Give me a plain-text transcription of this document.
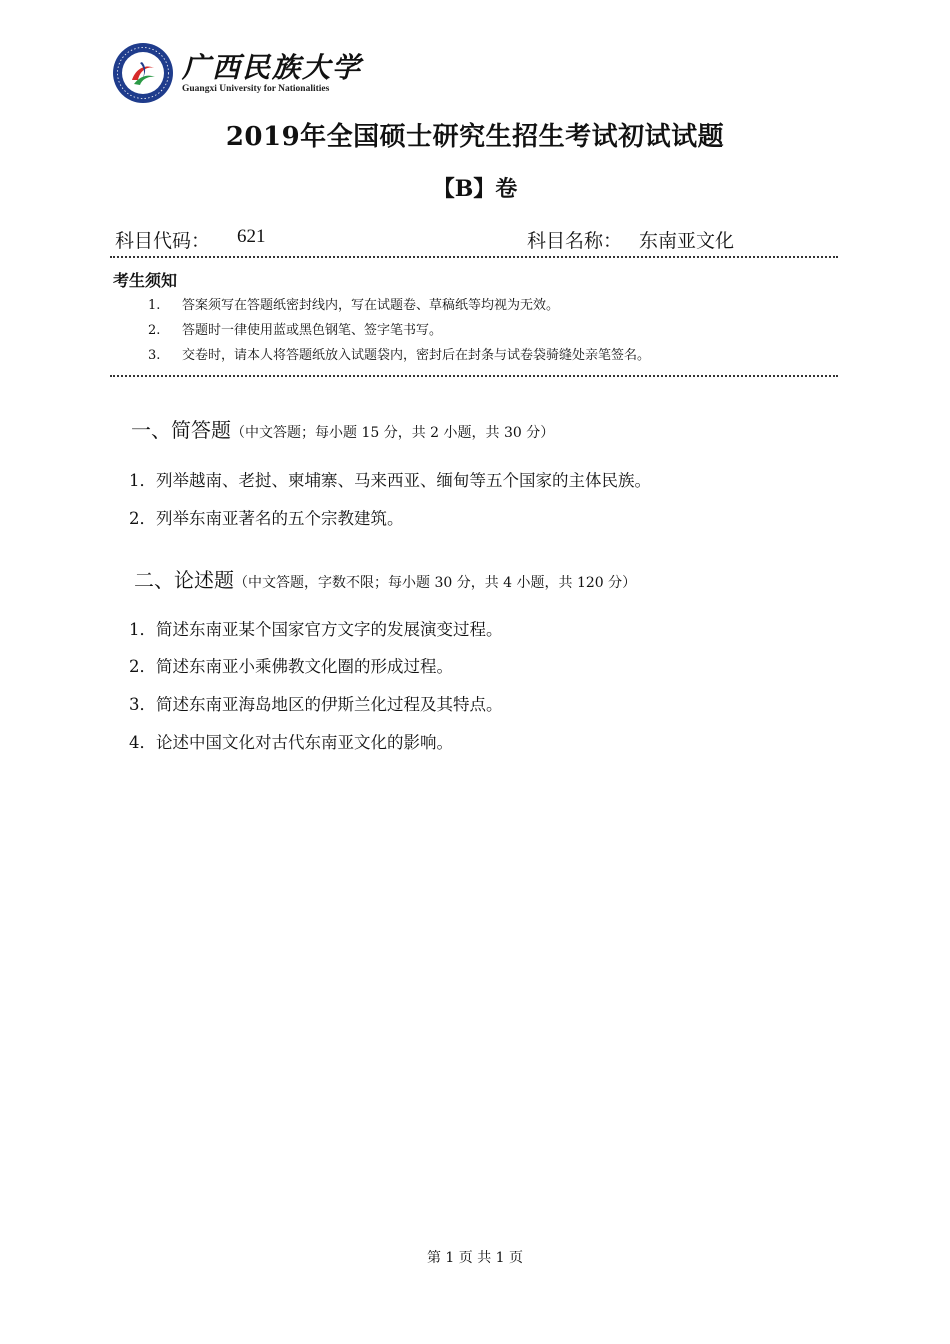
广西民族大学
Guangxi University for Nationalities
2019年全国硕士研究生招生考试初试试题
【B】卷
科目代码： 621	科目名称： 东南亚文化
考生须知
1. 答案须写在答题纸密封线内，写在试题卷、草稿纸等均视为无效。
2. 答题时一律使用蓝或黑色钢笔、签字笔书写。
3. 交卷时，请本人将答题纸放入试题袋内，密封后在封条与试卷袋骑缝处亲笔签名。
一、简答题（中文答题；每小题 15 分，共 2 小题，共 30 分）
1．列举越南、老挝、柬埔寨、马来西亚、缅甸等五个国家的主体民族。
2．列举东南亚著名的五个宗教建筑。
二、论述题（中文答题，字数不限；每小题 30 分，共 4 小题，共 120 分）
1．简述东南亚某个国家官方文字的发展演变过程。
2．简述东南亚小乘佛教文化圈的形成过程。
3．简述东南亚海岛地区的伊斯兰化过程及其特点。
4．论述中国文化对古代东南亚文化的影响。
第 1 页 共 1 页
